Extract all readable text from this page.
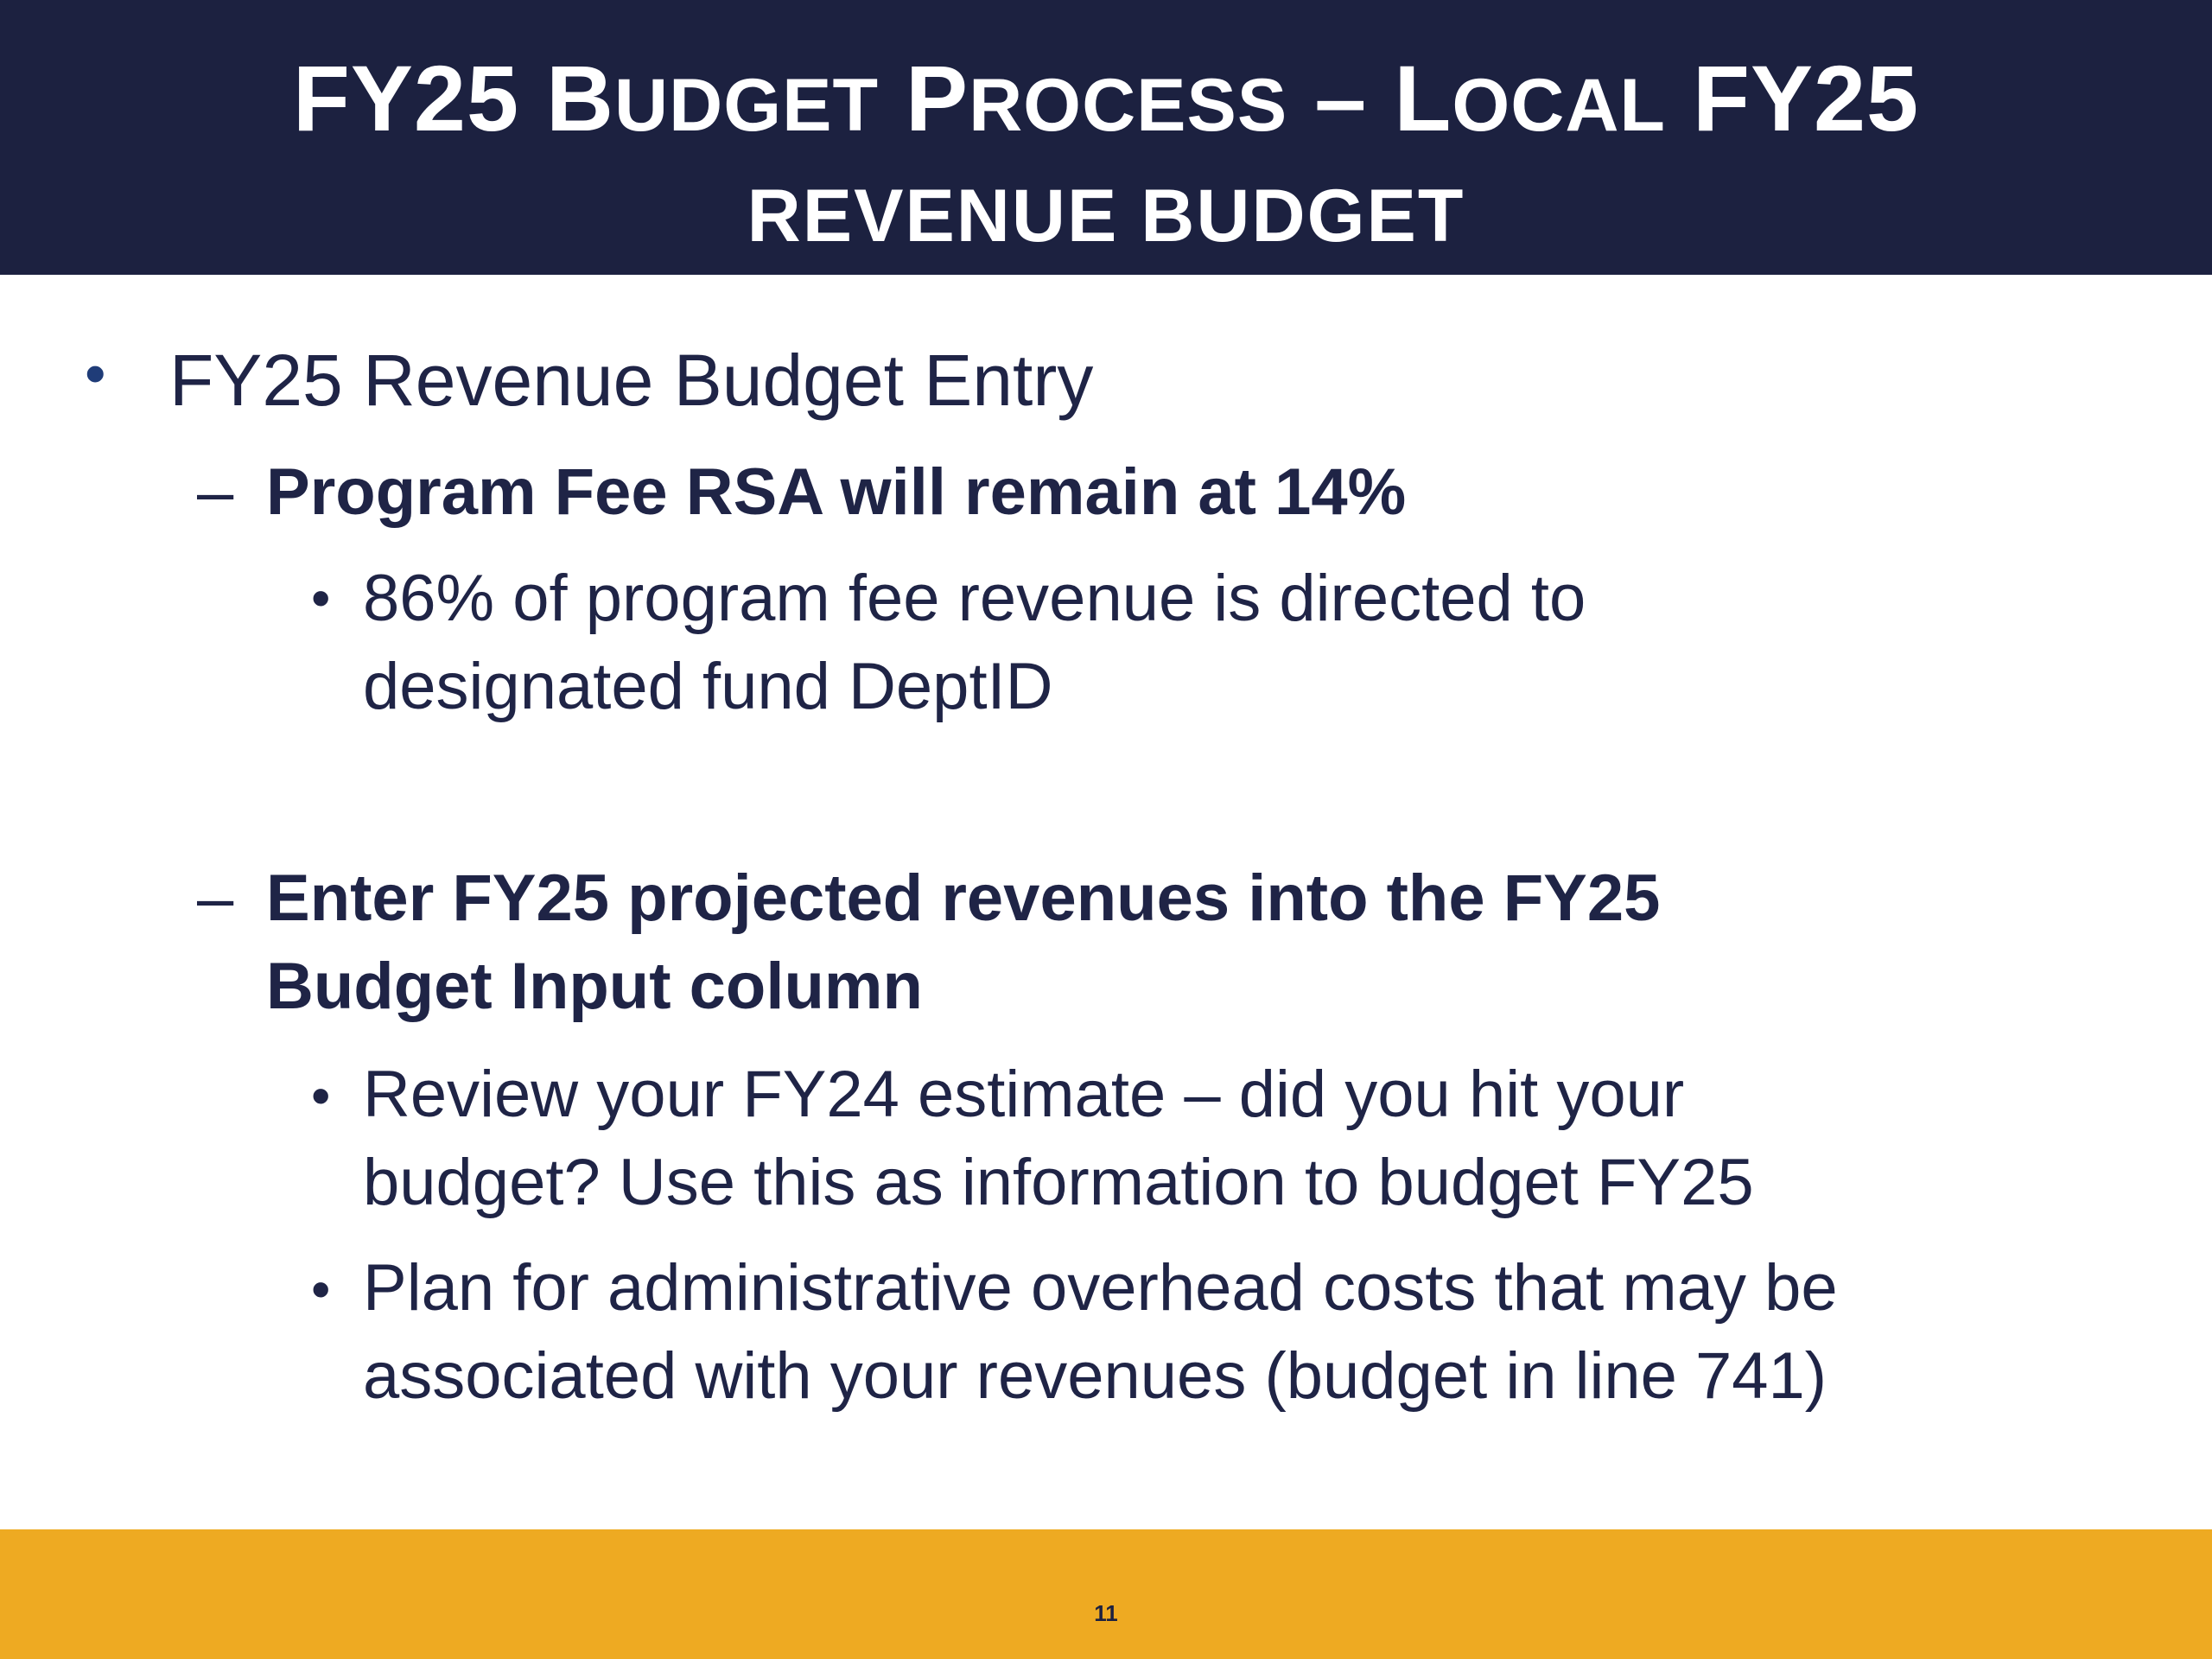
FY25 BUDGET PROCESS – LOCAL FY25
REVENUE BUDGET
• FY25 Revenue Budget Entry
– Program Fee RSA will remain at 14%
• 86% of program fee revenue is directed to
designated fund DeptID
– Enter FY25 projected revenues into the FY25
Budget Input column
• Review your FY24 estimate – did you hit your
budget? Use this as information to budget FY25
• Plan for administrative overhead costs that may be
associated with your revenues (budget in line 741)
11
